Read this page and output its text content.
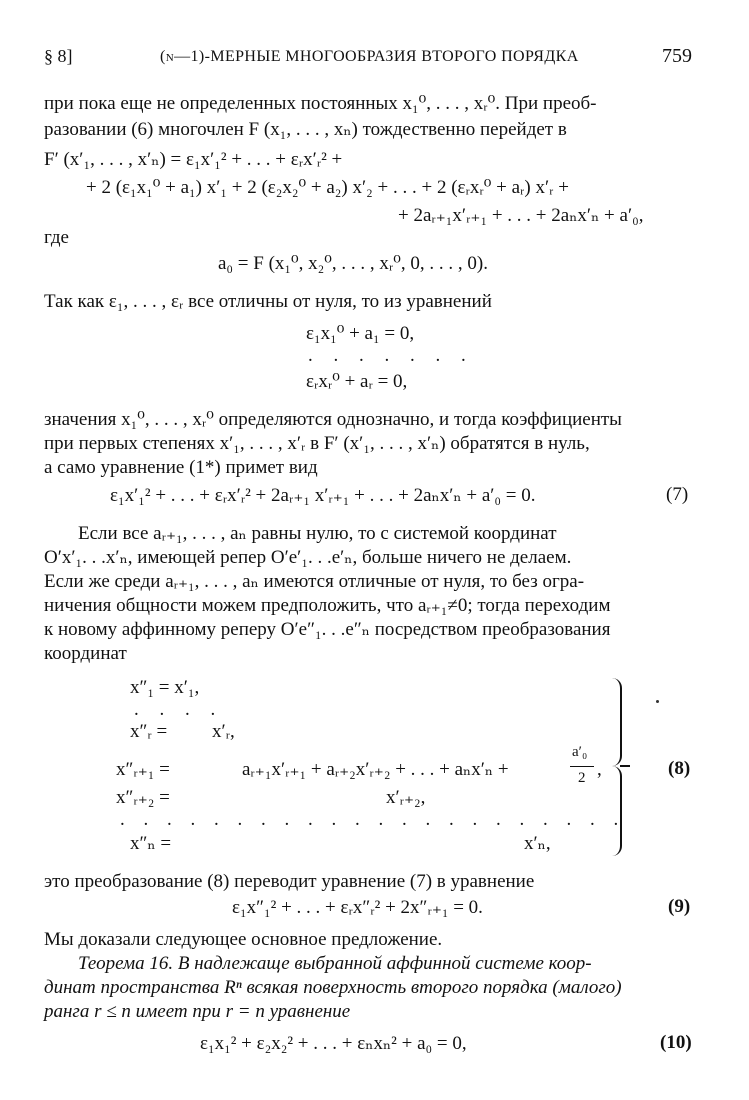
§ 8]	(n—1)-МЕРНЫЕ МНОГООБРАЗИЯ ВТОРОГО ПОРЯДКА	759
при пока еще не определенных постоянных x₁⁰, . . . , xᵣ⁰. При преоб-
разовании (6) многочлен F (x₁, . . . , xₙ) тождественно перейдет в
F′ (x′₁, . . . , x′ₙ) = ε₁x′₁² + . . . + εᵣx′ᵣ² +
+ 2 (ε₁x₁⁰ + a₁) x′₁ + 2 (ε₂x₂⁰ + a₂) x′₂ + . . . + 2 (εᵣxᵣ⁰ + aᵣ) x′ᵣ +
+ 2aᵣ₊₁x′ᵣ₊₁ + . . . + 2aₙx′ₙ + a′₀,
где
a₀ = F (x₁⁰, x₂⁰, . . . , xᵣ⁰, 0, . . . , 0).
Так как ε₁, . . . , εᵣ все отличны от нуля, то из уравнений
ε₁x₁⁰ + a₁ = 0,
. . . . . . .
εᵣxᵣ⁰ + aᵣ = 0,
значения x₁⁰, . . . , xᵣ⁰ определяются однозначно, и тогда коэффициенты
при первых степенях x′₁, . . . , x′ᵣ в F′ (x′₁, . . . , x′ₙ) обратятся в нуль,
а само уравнение (1*) примет вид
ε₁x′₁² + . . . + εᵣx′ᵣ² + 2aᵣ₊₁ x′ᵣ₊₁ + . . . + 2aₙx′ₙ + a′₀ = 0.	(7)
Если все aᵣ₊₁, . . . , aₙ равны нулю, то с системой координат
O′x′₁. . .x′ₙ, имеющей репер O′e′₁. . .e′ₙ, больше ничего не делаем.
Если же среди aᵣ₊₁, . . . , aₙ имеются отличные от нуля, то без огра-
ничения общности можем предположить, что aᵣ₊₁≠0; тогда переходим
к новому аффинному реперу O′e″₁. . .e″ₙ посредством преобразования
координат
x″₁ = x′₁,
. . . .
x″ᵣ = x′ᵣ,
x″ᵣ₊₁ =	aᵣ₊₁x′ᵣ₊₁ + aᵣ₊₂x′ᵣ₊₂ + . . . + aₙx′ₙ +
a′₀
2 ,
x″ᵣ₊₂ =	x′ᵣ₊₂,
. . . . . . . . . . . . . . . . . . . . . .
x″ₙ =	x′ₙ,
(8)
это преобразование (8) переводит уравнение (7) в уравнение
ε₁x″₁² + . . . + εᵣx″ᵣ² + 2x″ᵣ₊₁ = 0.	(9)
Мы доказали следующее основное предложение.
Теорема 16. В надлежаще выбранной аффинной системе коор-
динат пространства Rⁿ всякая поверхность второго порядка (малого)
ранга r ≤ n имеет при r = n уравнение
ε₁x₁² + ε₂x₂² + . . . + εₙxₙ² + a₀ = 0,	(10)
